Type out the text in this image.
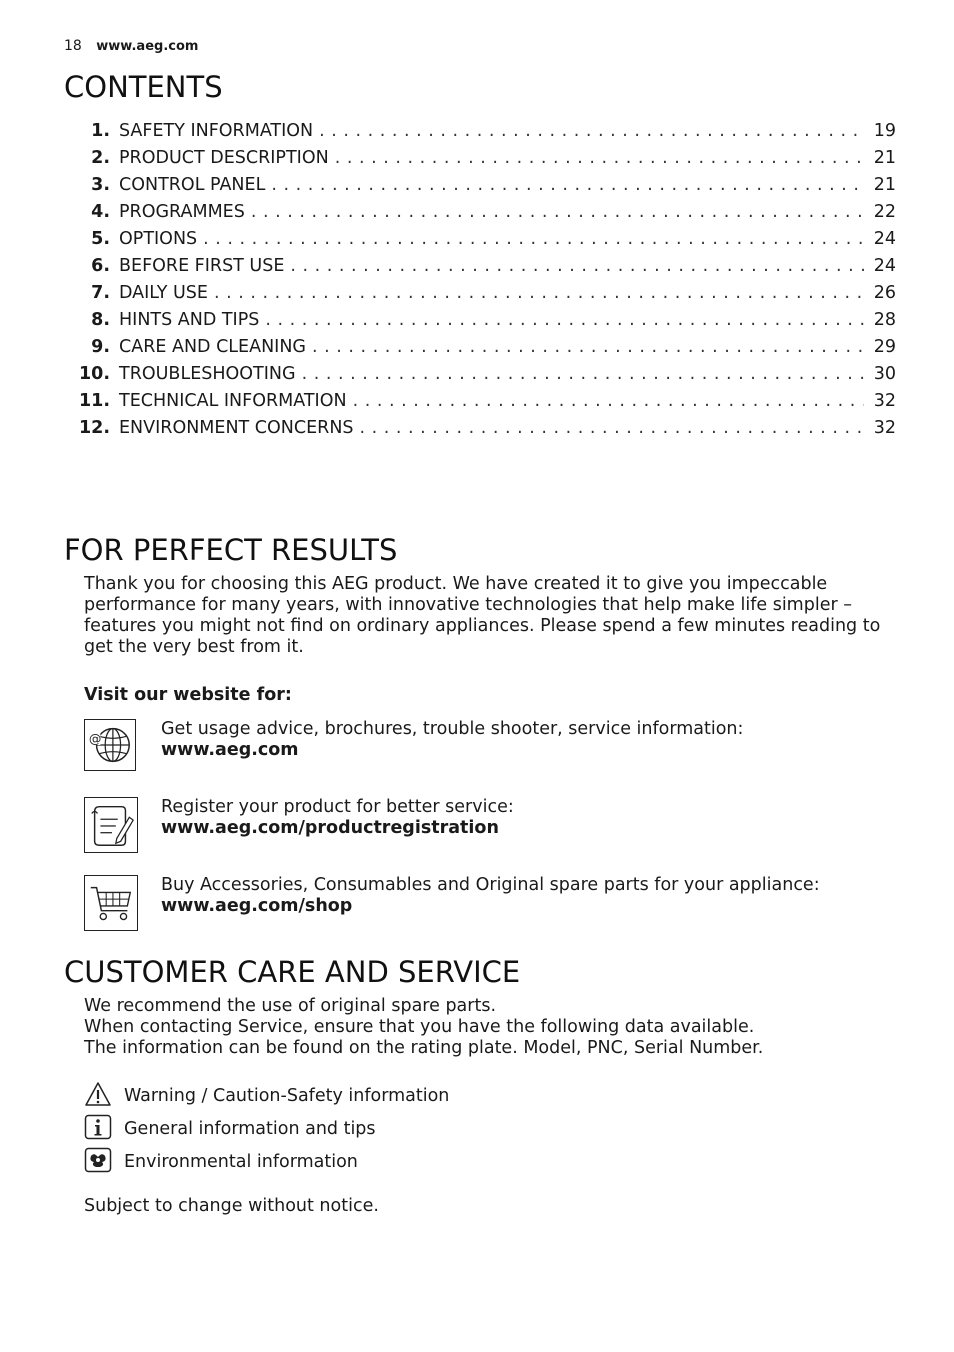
18 www.aeg.com
CONTENTS
1. SAFETY INFORMATION . . .	19
2. PRODUCT DESCRIPTION . . .	21
3. CONTROL PANEL . . .	21
4. PROGRAMMES . . .	22
5. OPTIONS . . .	24
6. BEFORE FIRST USE . . .	24
7. DAILY USE . . .	26
8. HINTS AND TIPS . . .	28
9. CARE AND CLEANING . . .	29
10. TROUBLESHOOTING . . .	30
11. TECHNICAL INFORMATION . . .	32
12. ENVIRONMENT CONCERNS . . .	32
FOR PERFECT RESULTS

Thank you for choosing this AEG product. We have created it to give you impeccable performance for many years, with innovative technologies that help make life simpler – features you might not find on ordinary appliances. Please spend a few minutes reading to get the very best from it.

Visit our website for:

@	Get usage advice, brochures, trouble shooter, service information:
www.aeg.com
Register your product for better service:
www.aeg.com/productregistration
Buy Accessories, Consumables and Original spare parts for your appliance:
www.aeg.com/shop
CUSTOMER CARE AND SERVICE
We recommend the use of original spare parts.
When contacting Service, ensure that you have the following data available.
The information can be found on the rating plate. Model, PNC, Serial Number.
Warning / Caution-Safety information
General information and tips
Environmental information
Subject to change without notice.
